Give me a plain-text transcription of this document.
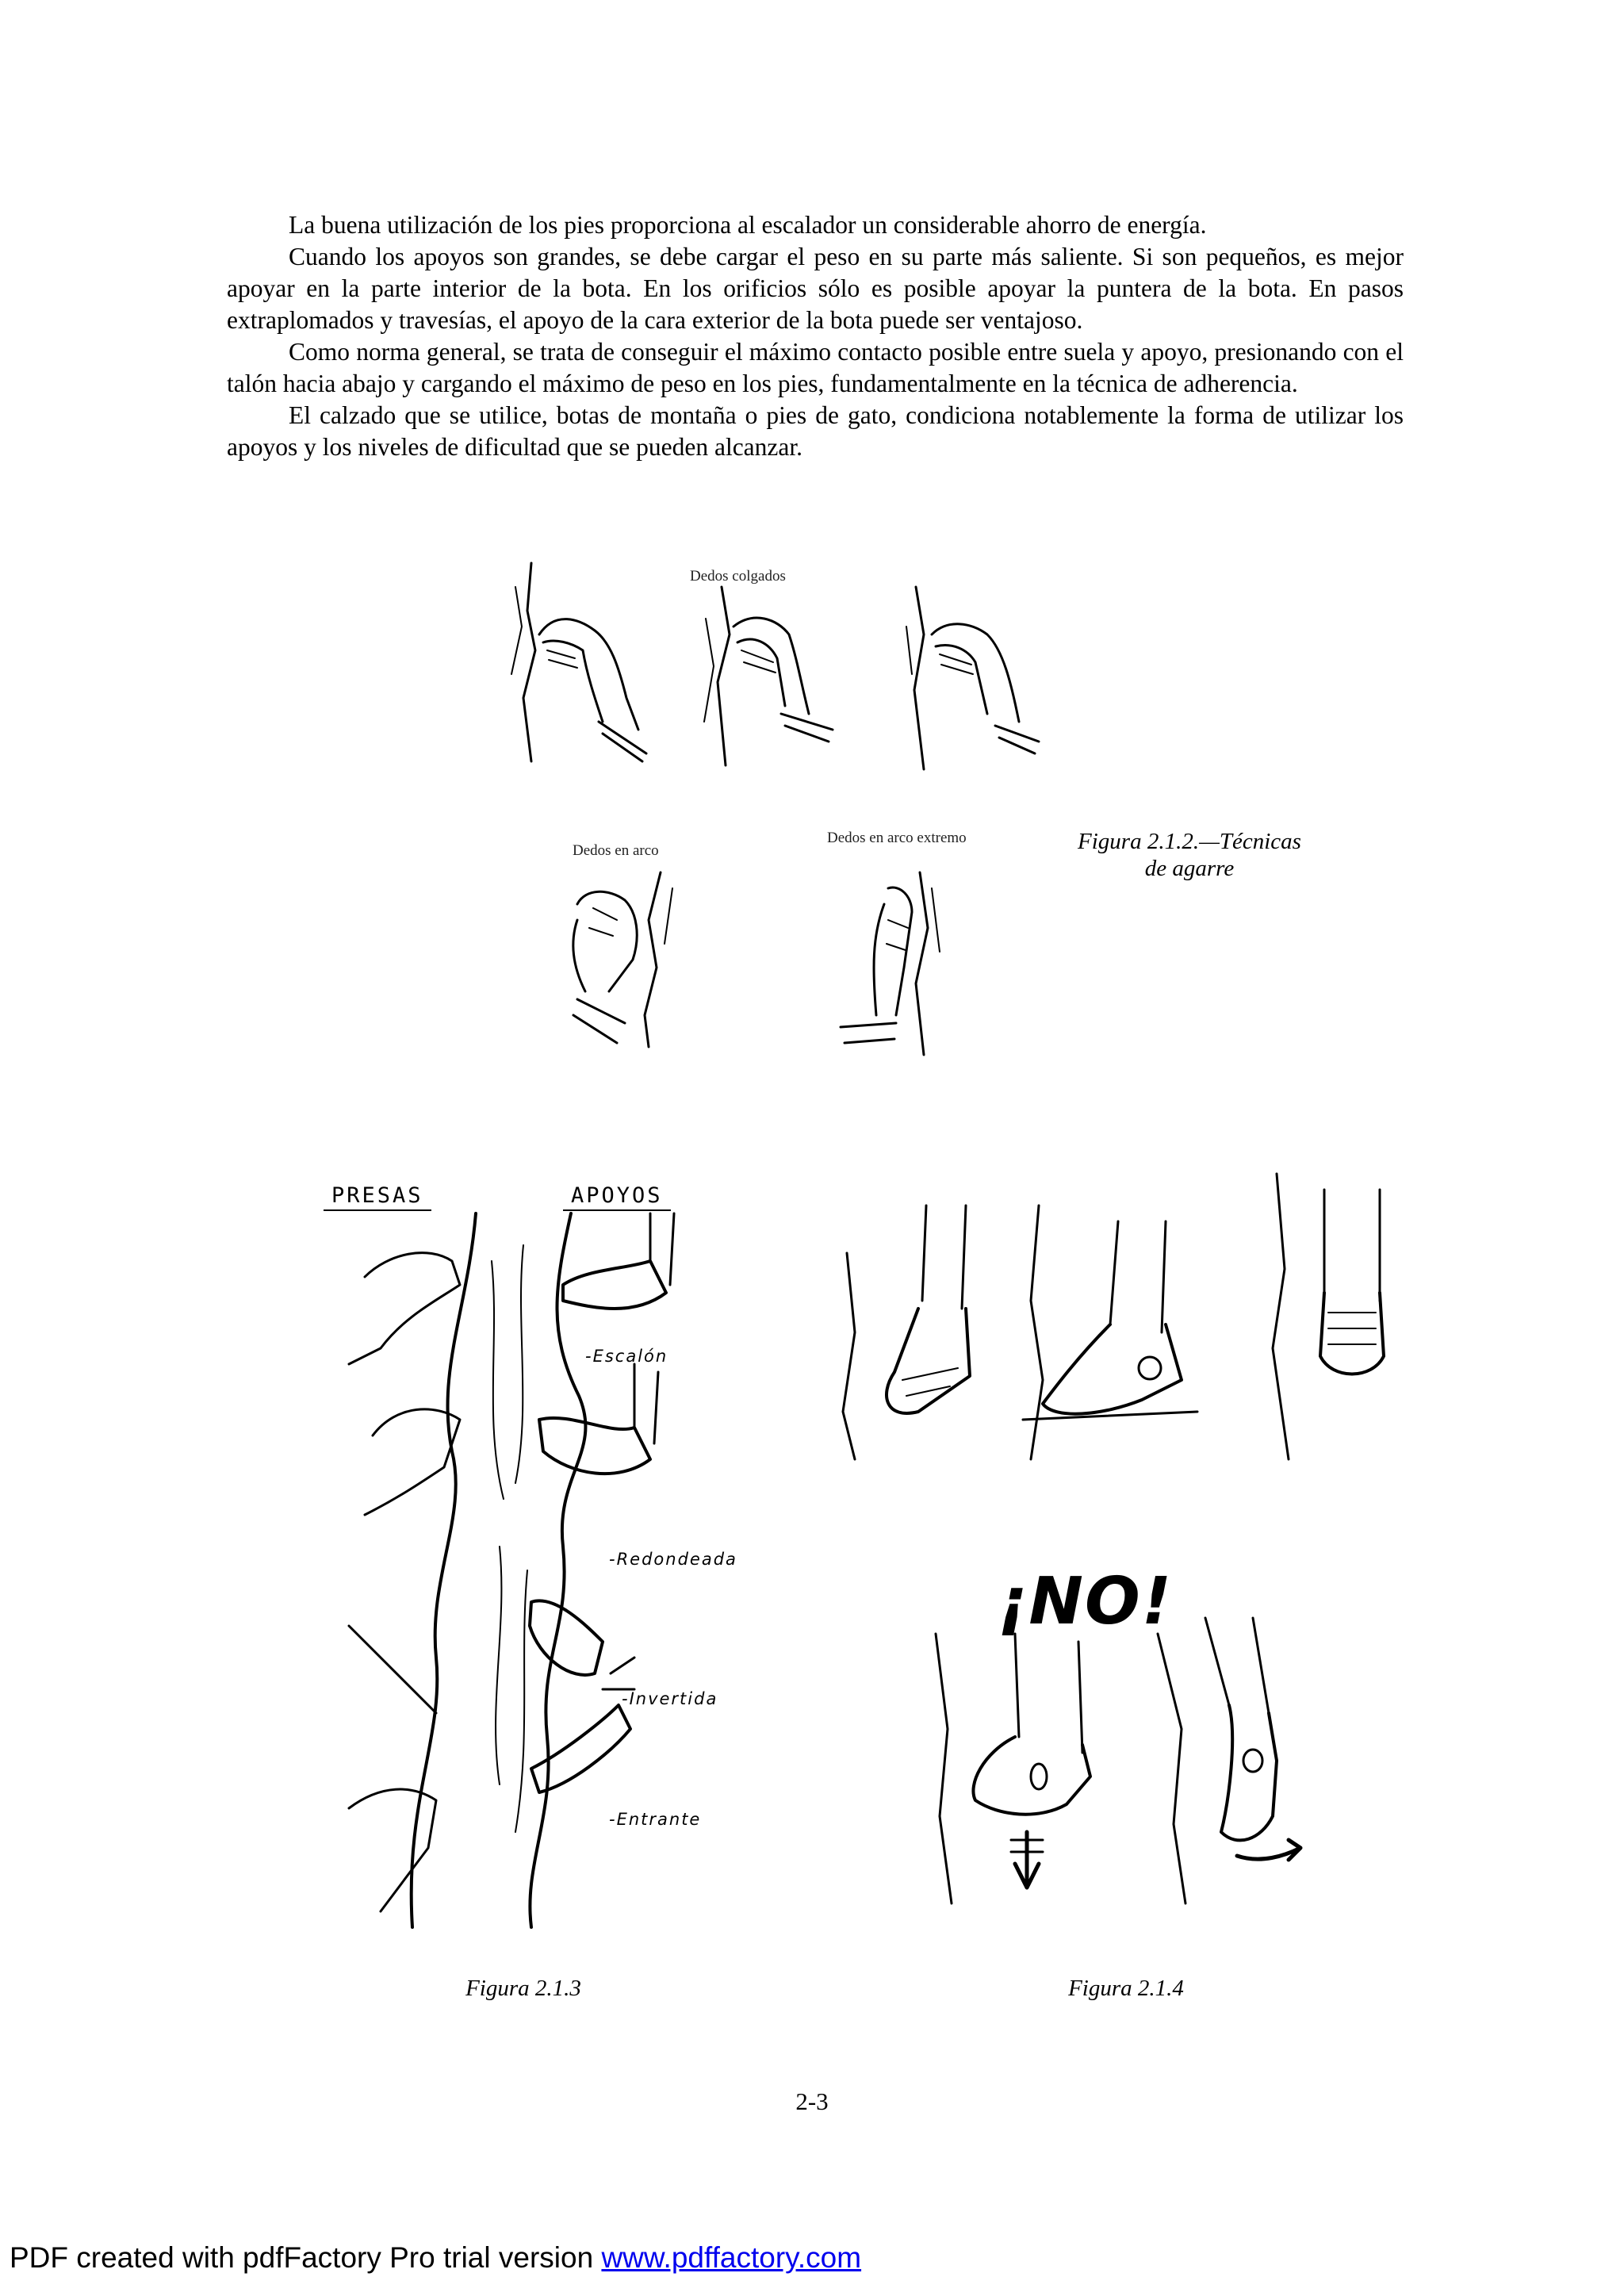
La buena utilización de los pies proporciona al escalador un considerable ahorro de energía.

Cuando los apoyos son grandes, se debe cargar el peso en su parte más saliente. Si son pequeños, es mejor apoyar en la parte interior de la bota. En los orificios sólo es posible apoyar la puntera de la bota. En pasos extraplomados y travesías, el apoyo de la cara exterior de la bota puede ser ventajoso.

Como norma general, se trata de conseguir el máximo contacto posible entre suela y apoyo, presionando con el talón hacia abajo y cargando el máximo de peso en los pies, fundamentalmente en la técnica de adherencia.

El calzado que se utilice, botas de montaña o pies de gato, condiciona notablemente la forma de utilizar los apoyos y los niveles de dificultad que se pueden alcanzar.

Dedos colgados
Dedos en arco
Dedos en arco extremo	Figura 2.1.2.—Técnicas
de agarre
PRESAS	APOYOS
-Escalón
-Redondeada
-Invertida
-Entrante
Figura 2.1.3
¡NO!
Figura 2.1.4
2-3
PDF created with pdfFactory Pro trial version www.pdffactory.com
